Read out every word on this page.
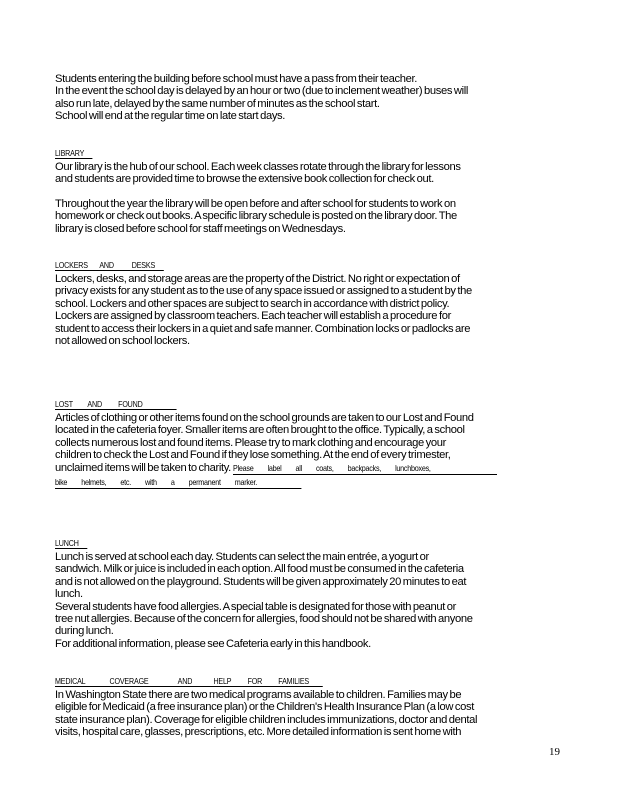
Students entering the building before school must have a pass from their teacher.

In the event the school day is delayed by an hour or two (due to inclement weather) buses will

also run late, delayed by the same number of minutes as the school start.

School will end at the regular time on late start days.

LIBRARY

Our library is the hub of our school. Each week classes rotate through the library for lessons

and students are provided time to browse the extensive book collection for check out.

Throughout the year the library will be open before and after school for students to work on

homework or check out books. A specific library schedule is posted on the library door. The

library is closed before school for staff meetings on Wednesdays.

LOCKERS AND DESKS

Lockers, desks, and storage areas are the property of the District. No right or expectation of

privacy exists for any student as to the use of any space issued or assigned to a student by the

school. Lockers and other spaces are subject to search in accordance with district policy.

Lockers are assigned by classroom teachers. Each teacher will establish a procedure for

student to access their lockers in a quiet and safe manner. Combination locks or padlocks are

not allowed on school lockers.

LOST AND FOUND

Articles of clothing or other items found on the school grounds are taken to our Lost and Found

located in the cafeteria foyer. Smaller items are often brought to the office. Typically, a school

collects numerous lost and found items. Please try to mark clothing and encourage your

children to check the Lost and Found if they lose something. At the end of every trimester,

unclaimed items will be taken to charity. Please label all coats, backpacks, lunchboxes,

bike helmets, etc. with a permanent marker.

LUNCH

Lunch is served at school each day. Students can select the main entrée, a yogurt or

sandwich. Milk or juice is included in each option. All food must be consumed in the cafeteria

and is not allowed on the playground. Students will be given approximately 20 minutes to eat

lunch.

Several students have food allergies. A special table is designated for those with peanut or

tree nut allergies. Because of the concern for allergies, food should not be shared with anyone

during lunch.

For additional information, please see Cafeteria early in this handbook.

MEDICAL	COVERAGE	AND	HELP FOR FAMILIES

In Washington State there are two medical programs available to children. Families may be

eligible for Medicaid (a free insurance plan) or the Children's Health Insurance Plan (a low cost

state insurance plan). Coverage for eligible children includes immunizations, doctor and dental

visits, hospital care, glasses, prescriptions, etc. More detailed information is sent home with

19
